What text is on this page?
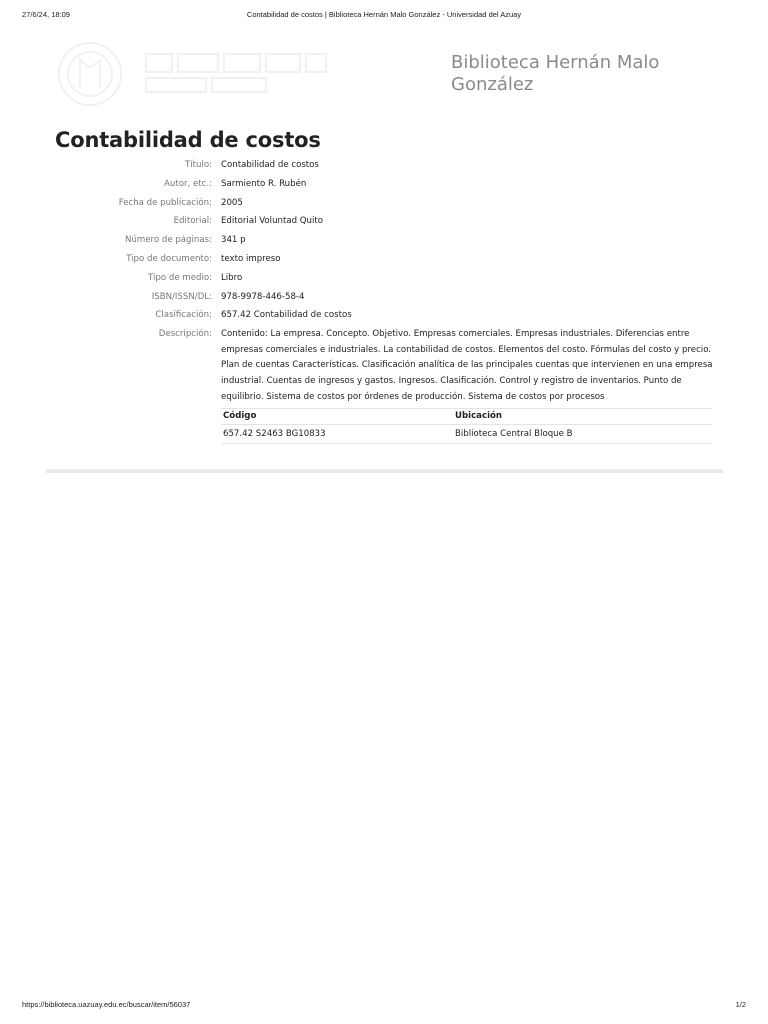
27/6/24, 18:09	Contabilidad de costos | Biblioteca Hernán Malo González - Universidad del Azuay
Biblioteca Hernán Malo González
Contabilidad de costos
Título: Contabilidad de costos
Autor, etc.: Sarmiento R. Rubén
Fecha de publicación: 2005
Editorial: Editorial Voluntad Quito
Número de páginas: 341 p
Tipo de documento: texto impreso
Tipo de medio: Libro
ISBN/ISSN/DL: 978-9978-446-58-4
Clasificación: 657.42 Contabilidad de costos
Descripción: Contenido: La empresa. Concepto. Objetivo. Empresas comerciales. Empresas industriales. Diferencias entre empresas comerciales e industriales. La contabilidad de costos. Elementos del costo. Fórmulas del costo y precio. Plan de cuentas Características. Clasificación analítica de las principales cuentas que intervienen en una empresa industrial. Cuentas de ingresos y gastos. Ingresos. Clasificación. Control y registro de inventarios. Punto de equilibrio. Sistema de costos por órdenes de producción. Sistema de costos por procesos
Código	Ubicación
657.42 S2463 BG10833	Biblioteca Central Bloque B
https://biblioteca.uazuay.edu.ec/buscar/item/56037	1/2
